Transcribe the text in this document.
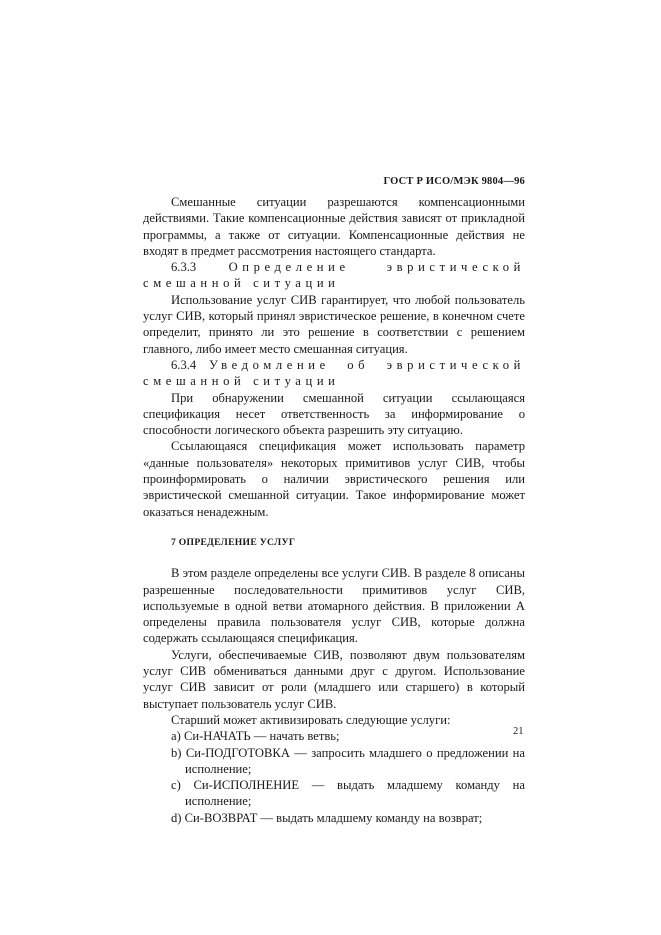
ГОСТ Р ИСО/МЭК 9804—96

Смешанные ситуации разрешаются компенсационными действиями. Такие компенсационные действия зависят от прикладной программы, а также от ситуации. Компенсационные действия не входят в предмет рассмотрения настоящего стандарта.

6.3.3	Определение эвристической смешанной ситуации

Использование услуг СИВ гарантирует, что любой пользователь услуг СИВ, который принял эвристическое решение, в конечном счете определит, принято ли это решение в соответствии с решением главного, либо имеет место смешанная ситуация.

6.3.4 Уведомление об эвристической смешанной ситуации

При обнаружении смешанной ситуации ссылающаяся спецификация несет ответственность за информирование о способности логического объекта разрешить эту ситуацию.

Ссылающаяся спецификация может использовать параметр «данные пользователя» некоторых примитивов услуг СИВ, чтобы проинформировать о наличии эвристического решения или эвристической смешанной ситуации. Такое информирование может оказаться ненадежным.

7 ОПРЕДЕЛЕНИЕ УСЛУГ

В этом разделе определены все услуги СИВ. В разделе 8 описаны разрешенные последовательности примитивов услуг СИВ, используемые в одной ветви атомарного действия. В приложении А определены правила пользователя услуг СИВ, которые должна содержать ссылающаяся спецификация.

Услуги, обеспечиваемые СИВ, позволяют двум пользователям услуг СИВ обмениваться данными друг с другом. Использование услуг СИВ зависит от роли (младшего или старшего) в который выступает пользователь услуг СИВ.

Старший может активизировать следующие услуги:

a) Си-НАЧАТЬ — начать ветвь;

b) Си-ПОДГОТОВКА — запросить младшего о предложении на исполнение;

c) Си-ИСПОЛНЕНИЕ — выдать младшему команду на исполнение;

d) Си-ВОЗВРАТ — выдать младшему команду на возврат;

21
